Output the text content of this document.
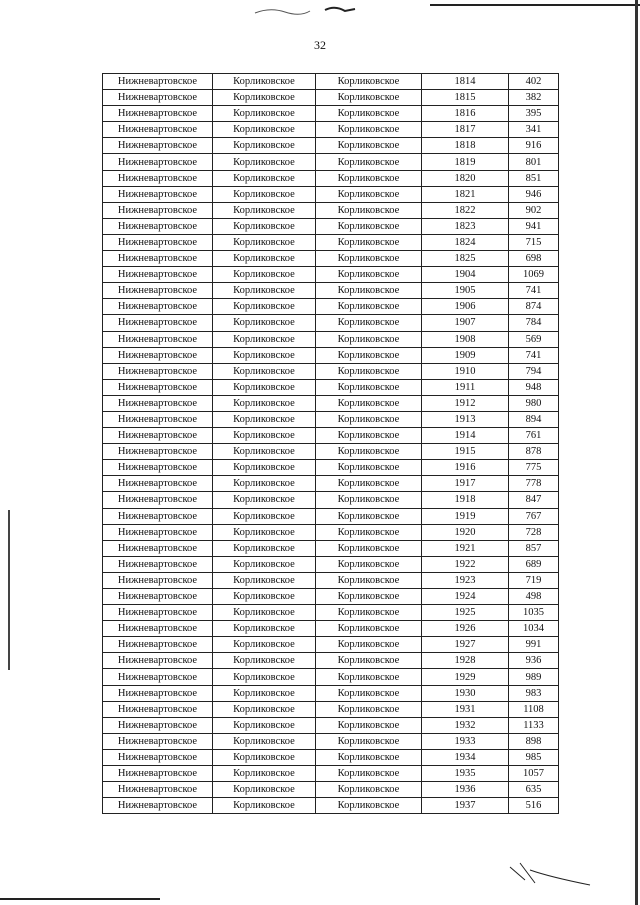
32
Нижневартовское	Корликовское	Корликовское	1814	402
Нижневартовское	Корликовское	Корликовское	1815	382
Нижневартовское	Корликовское	Корликовское	1816	395
Нижневартовское	Корликовское	Корликовское	1817	341
Нижневартовское	Корликовское	Корликовское	1818	916
Нижневартовское	Корликовское	Корликовское	1819	801
Нижневартовское	Корликовское	Корликовское	1820	851
Нижневартовское	Корликовское	Корликовское	1821	946
Нижневартовское	Корликовское	Корликовское	1822	902
Нижневартовское	Корликовское	Корликовское	1823	941
Нижневартовское	Корликовское	Корликовское	1824	715
Нижневартовское	Корликовское	Корликовское	1825	698
Нижневартовское	Корликовское	Корликовское	1904	1069
Нижневартовское	Корликовское	Корликовское	1905	741
Нижневартовское	Корликовское	Корликовское	1906	874
Нижневартовское	Корликовское	Корликовское	1907	784
Нижневартовское	Корликовское	Корликовское	1908	569
Нижневартовское	Корликовское	Корликовское	1909	741
Нижневартовское	Корликовское	Корликовское	1910	794
Нижневартовское	Корликовское	Корликовское	1911	948
Нижневартовское	Корликовское	Корликовское	1912	980
Нижневартовское	Корликовское	Корликовское	1913	894
Нижневартовское	Корликовское	Корликовское	1914	761
Нижневартовское	Корликовское	Корликовское	1915	878
Нижневартовское	Корликовское	Корликовское	1916	775
Нижневартовское	Корликовское	Корликовское	1917	778
Нижневартовское	Корликовское	Корликовское	1918	847
Нижневартовское	Корликовское	Корликовское	1919	767
Нижневартовское	Корликовское	Корликовское	1920	728
Нижневартовское	Корликовское	Корликовское	1921	857
Нижневартовское	Корликовское	Корликовское	1922	689
Нижневартовское	Корликовское	Корликовское	1923	719
Нижневартовское	Корликовское	Корликовское	1924	498
Нижневартовское	Корликовское	Корликовское	1925	1035
Нижневартовское	Корликовское	Корликовское	1926	1034
Нижневартовское	Корликовское	Корликовское	1927	991
Нижневартовское	Корликовское	Корликовское	1928	936
Нижневартовское	Корликовское	Корликовское	1929	989
Нижневартовское	Корликовское	Корликовское	1930	983
Нижневартовское	Корликовское	Корликовское	1931	1108
Нижневартовское	Корликовское	Корликовское	1932	1133
Нижневартовское	Корликовское	Корликовское	1933	898
Нижневартовское	Корликовское	Корликовское	1934	985
Нижневартовское	Корликовское	Корликовское	1935	1057
Нижневартовское	Корликовское	Корликовское	1936	635
Нижневартовское	Корликовское	Корликовское	1937	516
